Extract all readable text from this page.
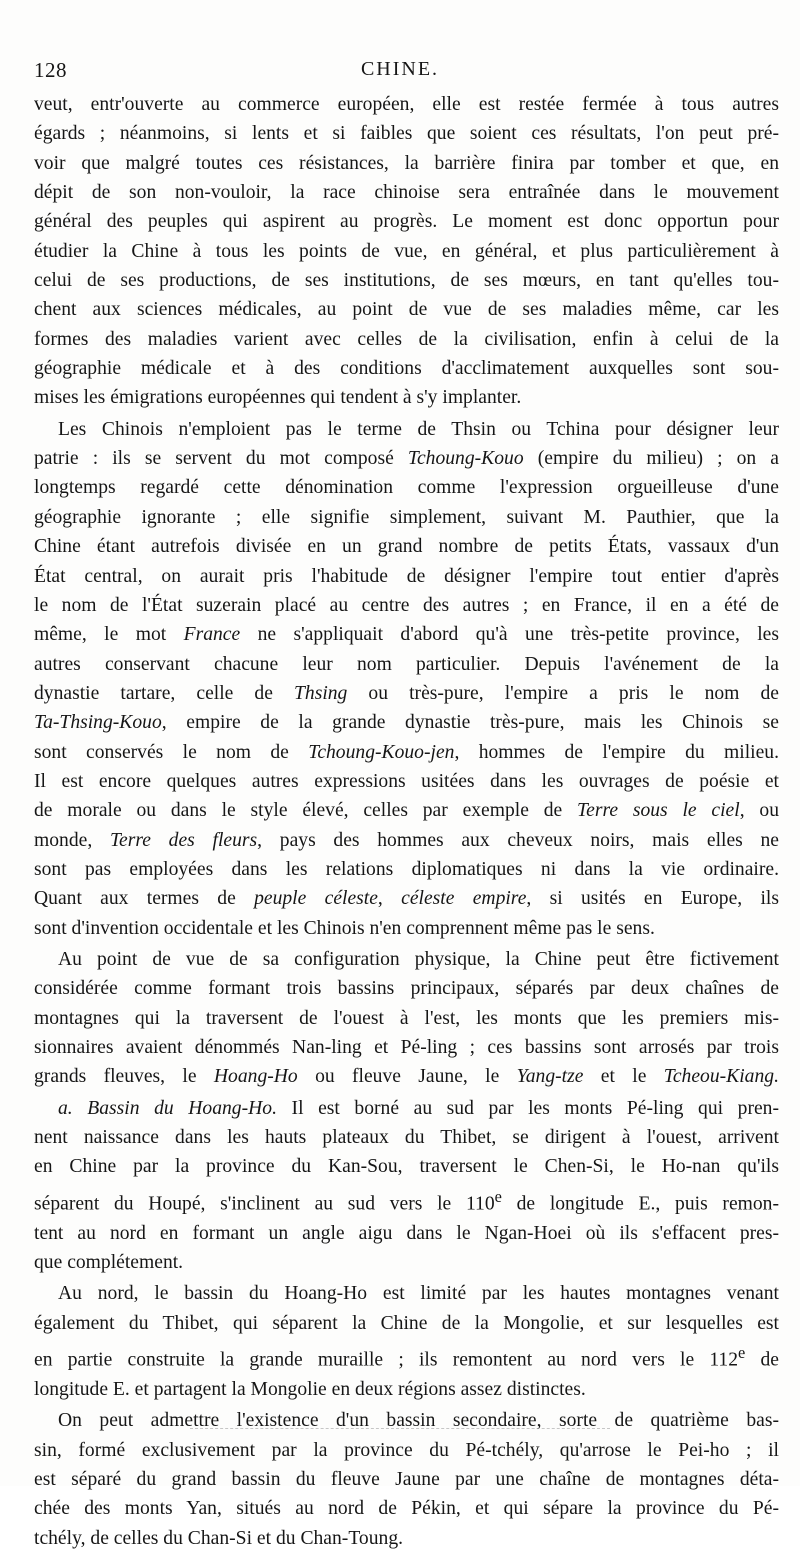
128	CHINE.
veut, entr'ouverte au commerce européen, elle est restée fermée à tous autres
égards ; néanmoins, si lents et si faibles que soient ces résultats, l'on peut pré-
voir que malgré toutes ces résistances, la barrière finira par tomber et que, en
dépit de son non-vouloir, la race chinoise sera entraînée dans le mouvement
général des peuples qui aspirent au progrès. Le moment est donc opportun pour
étudier la Chine à tous les points de vue, en général, et plus particulièrement à
celui de ses productions, de ses institutions, de ses mœurs, en tant qu'elles tou-
chent aux sciences médicales, au point de vue de ses maladies même, car les
formes des maladies varient avec celles de la civilisation, enfin à celui de la
géographie médicale et à des conditions d'acclimatement auxquelles sont sou-
mises les émigrations européennes qui tendent à s'y implanter.
Les Chinois n'emploient pas le terme de Thsin ou Tchina pour désigner leur
patrie : ils se servent du mot composé Tchoung-Kouo (empire du milieu) ; on a
longtemps regardé cette dénomination comme l'expression orgueilleuse d'une
géographie ignorante ; elle signifie simplement, suivant M. Pauthier, que la
Chine étant autrefois divisée en un grand nombre de petits États, vassaux d'un
État central, on aurait pris l'habitude de désigner l'empire tout entier d'après
le nom de l'État suzerain placé au centre des autres ; en France, il en a été de
même, le mot France ne s'appliquait d'abord qu'à une très-petite province, les
autres conservant chacune leur nom particulier. Depuis l'avénement de la
dynastie tartare, celle de Thsing ou très-pure, l'empire a pris le nom de
Ta-Thsing-Kouo, empire de la grande dynastie très-pure, mais les Chinois se
sont conservés le nom de Tchoung-Kouo-jen, hommes de l'empire du milieu.
Il est encore quelques autres expressions usitées dans les ouvrages de poésie et
de morale ou dans le style élevé, celles par exemple de Terre sous le ciel, ou
monde, Terre des fleurs, pays des hommes aux cheveux noirs, mais elles ne
sont pas employées dans les relations diplomatiques ni dans la vie ordinaire.
Quant aux termes de peuple céleste, céleste empire, si usités en Europe, ils
sont d'invention occidentale et les Chinois n'en comprennent même pas le sens.
Au point de vue de sa configuration physique, la Chine peut être fictivement
considérée comme formant trois bassins principaux, séparés par deux chaînes de
montagnes qui la traversent de l'ouest à l'est, les monts que les premiers mis-
sionnaires avaient dénommés Nan-ling et Pé-ling ; ces bassins sont arrosés par trois
grands fleuves, le Hoang-Ho ou fleuve Jaune, le Yang-tze et le Tcheou-Kiang.
a. Bassin du Hoang-Ho. Il est borné au sud par les monts Pé-ling qui pren-
nent naissance dans les hauts plateaux du Thibet, se dirigent à l'ouest, arrivent
en Chine par la province du Kan-Sou, traversent le Chen-Si, le Ho-nan qu'ils
séparent du Houpé, s'inclinent au sud vers le 110e de longitude E., puis remon-
tent au nord en formant un angle aigu dans le Ngan-Hoei où ils s'effacent pres-
que complétement.
Au nord, le bassin du Hoang-Ho est limité par les hautes montagnes venant
également du Thibet, qui séparent la Chine de la Mongolie, et sur lesquelles est
en partie construite la grande muraille ; ils remontent au nord vers le 112e de
longitude E. et partagent la Mongolie en deux régions assez distinctes.
On peut admettre l'existence d'un bassin secondaire, sorte de quatrième bas-
sin, formé exclusivement par la province du Pé-tchély, qu'arrose le Pei-ho ; il
est séparé du grand bassin du fleuve Jaune par une chaîne de montagnes déta-
chée des monts Yan, situés au nord de Pékin, et qui sépare la province du Pé-
tchély, de celles du Chan-Si et du Chan-Toung.
